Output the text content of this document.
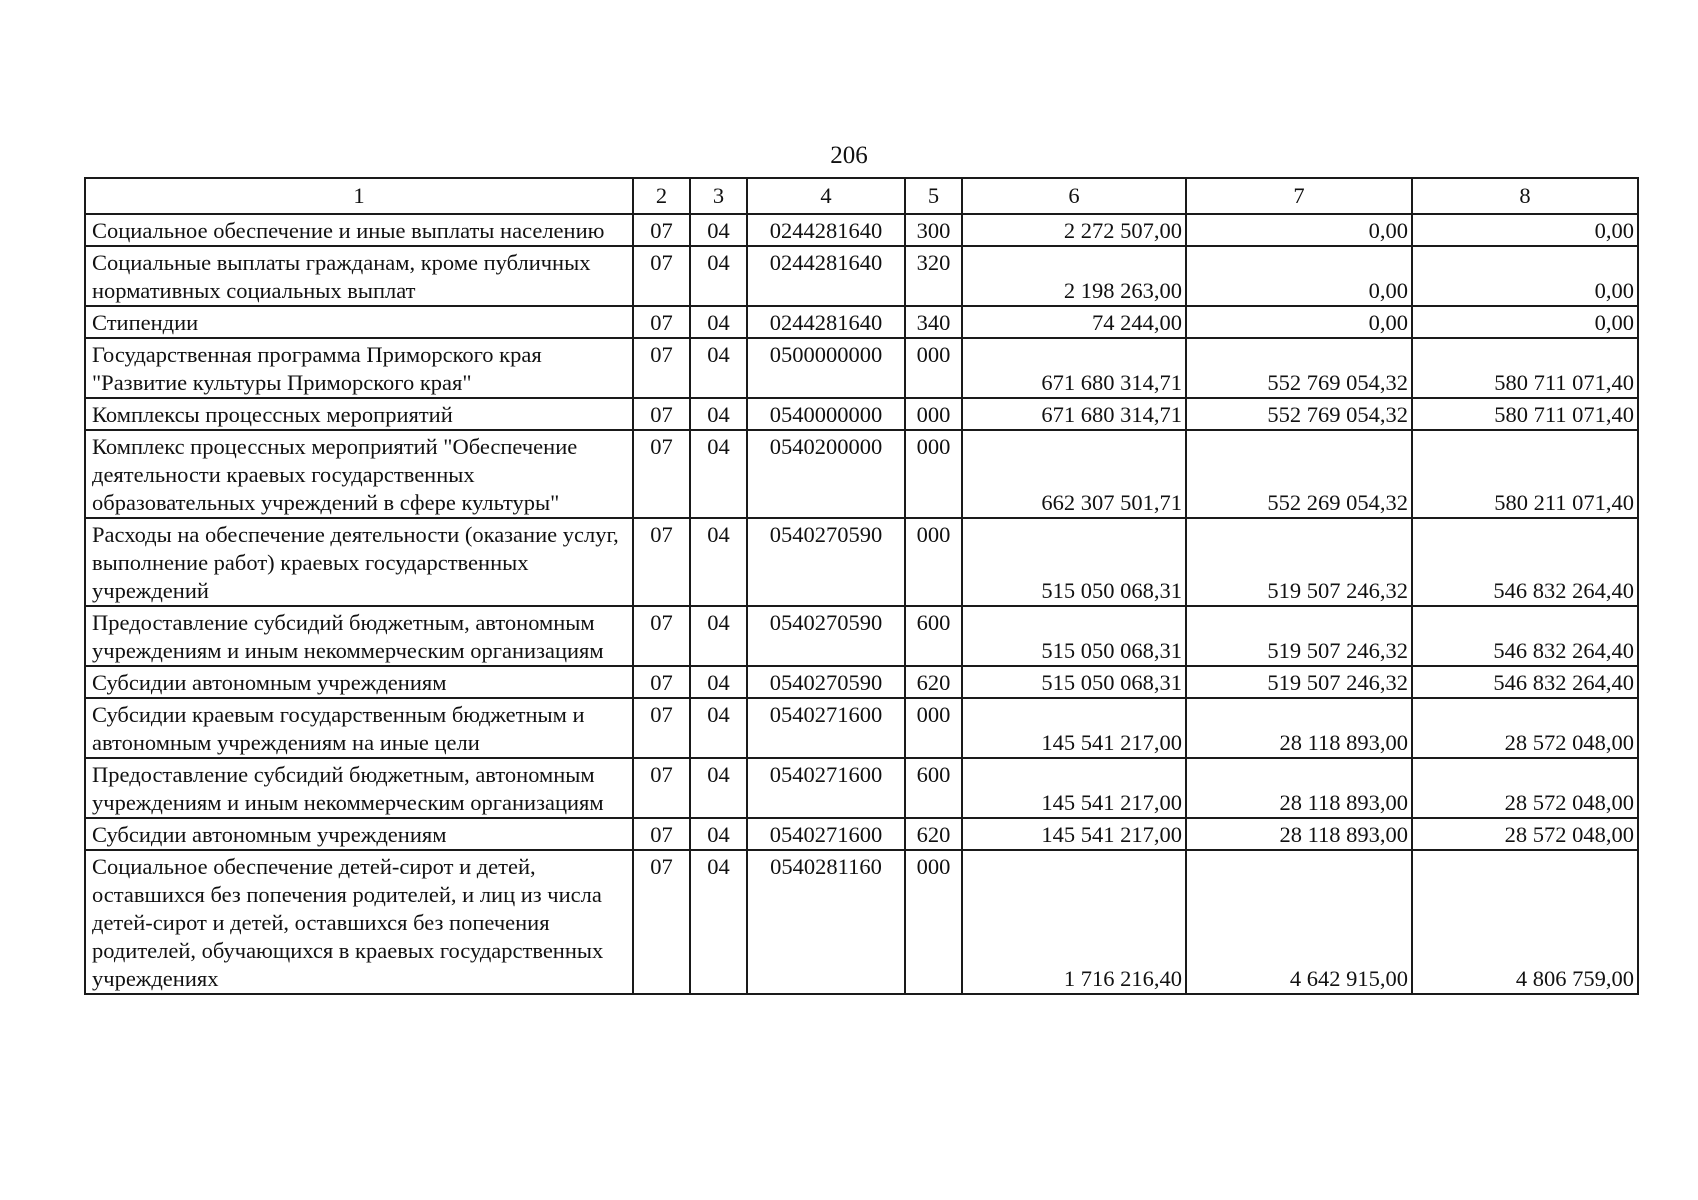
206
1	2	3	4	5	6	7	8
Социальное обеспечение и иные выплаты населению	07	04	0244281640	300	2 272 507,00	0,00	0,00
Социальные выплаты гражданам, кроме публичных нормативных социальных выплат	07	04	0244281640	320	2 198 263,00	0,00	0,00
Стипендии	07	04	0244281640	340	74 244,00	0,00	0,00
Государственная программа Приморского края "Развитие культуры Приморского края"	07	04	0500000000	000	671 680 314,71	552 769 054,32	580 711 071,40
Комплексы процессных мероприятий	07	04	0540000000	000	671 680 314,71	552 769 054,32	580 711 071,40
Комплекс процессных мероприятий "Обеспечение деятельности краевых государственных образовательных учреждений в сфере культуры"	07	04	0540200000	000	662 307 501,71	552 269 054,32	580 211 071,40
Расходы на обеспечение деятельности (оказание услуг, выполнение работ) краевых государственных учреждений	07	04	0540270590	000	515 050 068,31	519 507 246,32	546 832 264,40
Предоставление субсидий бюджетным, автономным учреждениям и иным некоммерческим организациям	07	04	0540270590	600	515 050 068,31	519 507 246,32	546 832 264,40
Субсидии автономным учреждениям	07	04	0540270590	620	515 050 068,31	519 507 246,32	546 832 264,40
Субсидии краевым государственным бюджетным и автономным учреждениям на иные цели	07	04	0540271600	000	145 541 217,00	28 118 893,00	28 572 048,00
Предоставление субсидий бюджетным, автономным учреждениям и иным некоммерческим организациям	07	04	0540271600	600	145 541 217,00	28 118 893,00	28 572 048,00
Субсидии автономным учреждениям	07	04	0540271600	620	145 541 217,00	28 118 893,00	28 572 048,00
Социальное обеспечение детей-сирот и детей, оставшихся без попечения родителей, и лиц из числа детей-сирот и детей, оставшихся без попечения родителей, обучающихся в краевых государственных учреждениях	07	04	0540281160	000	1 716 216,40	4 642 915,00	4 806 759,00
